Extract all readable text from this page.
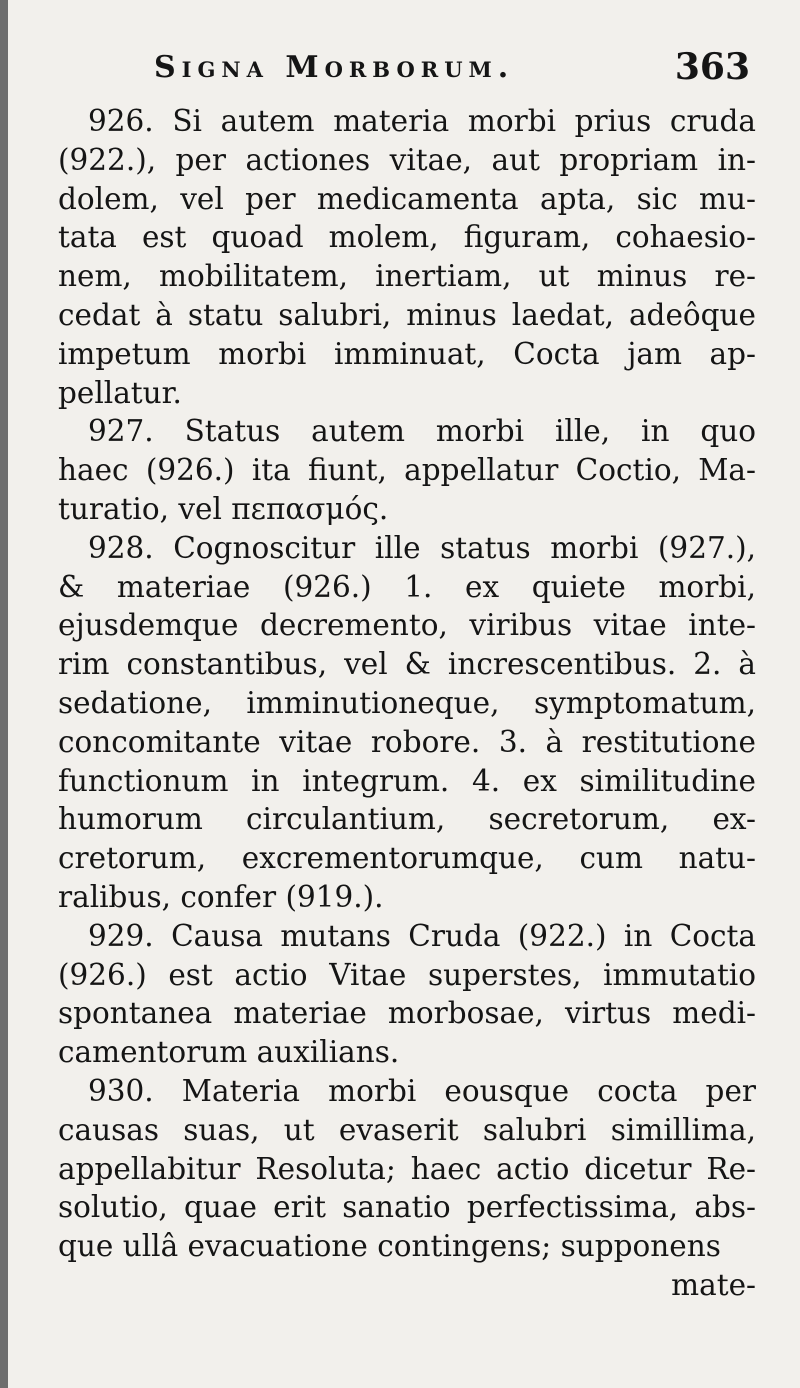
Signa Morborum.	363
926. Si autem materia morbi prius cruda
(922.), per actiones vitae, aut propriam in-
dolem, vel per medicamenta apta, sic mu-
tata est quoad molem, figuram, cohaesio-
nem, mobilitatem, inertiam, ut minus re-
cedat à statu salubri, minus laedat, adeôque
impetum morbi imminuat, Cocta jam ap-
pellatur.
927. Status autem morbi ille, in quo
haec (926.) ita fiunt, appellatur Coctio, Ma-
turatio, vel πεπασμός.
928. Cognoscitur ille status morbi (927.),
& materiae (926.) 1. ex quiete morbi,
ejusdemque decremento, viribus vitae inte-
rim constantibus, vel & increscentibus. 2. à
sedatione, imminutioneque, symptomatum,
concomitante vitae robore. 3. à restitutione
functionum in integrum. 4. ex similitudine
humorum circulantium, secretorum, ex-
cretorum, excrementorumque, cum natu-
ralibus, confer (919.).
929. Causa mutans Cruda (922.) in Cocta
(926.) est actio Vitae superstes, immutatio
spontanea materiae morbosae, virtus medi-
camentorum auxilians.
930. Materia morbi eousque cocta per
causas suas, ut evaserit salubri simillima,
appellabitur Resoluta; haec actio dicetur Re-
solutio, quae erit sanatio perfectissima, abs-
que ullâ evacuatione contingens; supponens
mate-
